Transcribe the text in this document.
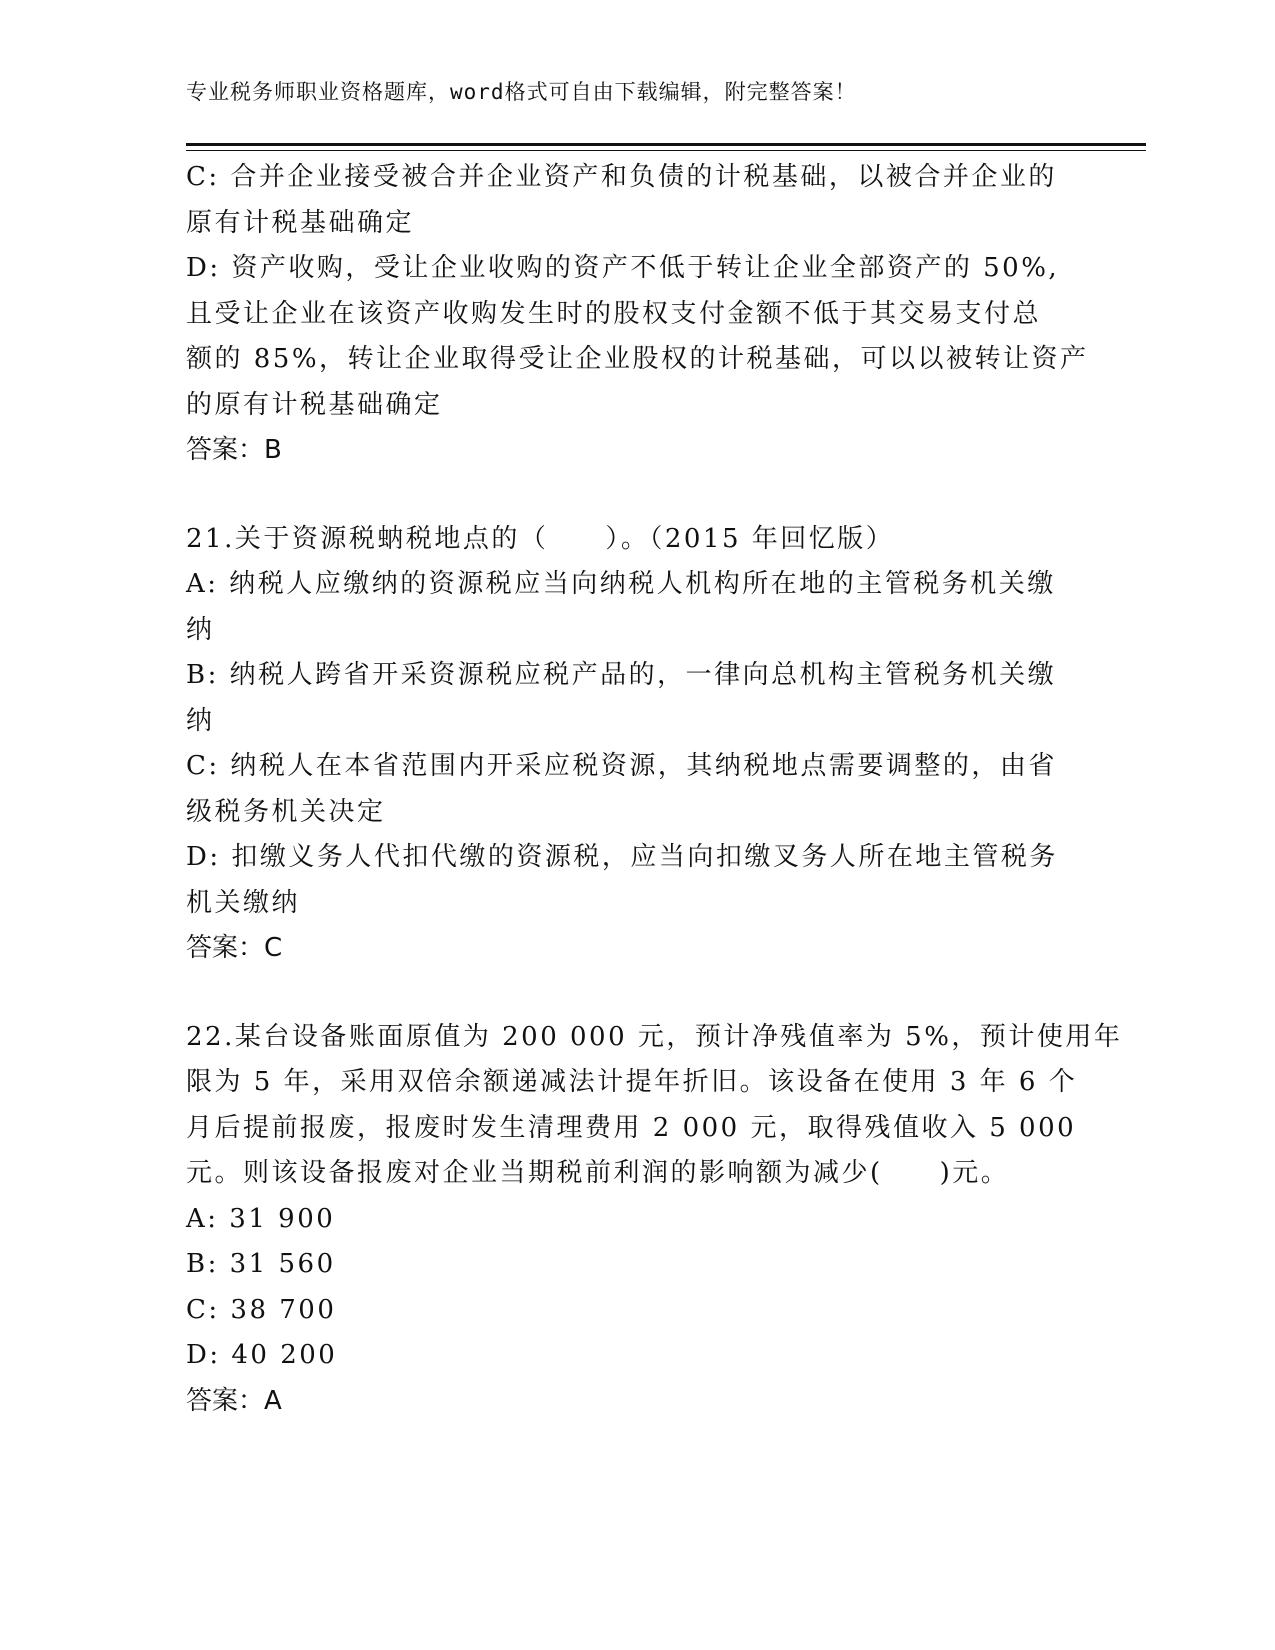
专业税务师职业资格题库，word格式可自由下载编辑，附完整答案！
C: 合并企业接受被合并企业资产和负债的计税基础，以被合并企业的
原有计税基础确定
D: 资产收购，受让企业收购的资产不低于转让企业全部资产的 50%,
且受让企业在该资产收购发生时的股权支付金额不低于其交易支付总
额的 85%，转让企业取得受让企业股权的计税基础，可以以被转让资产
的原有计税基础确定
答案：B
21.关于资源税蚋税地点的（　　）。（2015 年回忆版）
A: 纳税人应缴纳的资源税应当向纳税人机构所在地的主管税务机关缴
纳
B: 纳税人跨省开采资源税应税产品的，一律向总机构主管税务机关缴
纳
C: 纳税人在本省范围内开采应税资源，其纳税地点需要调整的，由省
级税务机关决定
D: 扣缴义务人代扣代缴的资源税，应当向扣缴叉务人所在地主管税务
机关缴纳
答案：C
22.某台设备账面原值为 200 000 元，预计净残值率为 5%，预计使用年
限为 5 年，采用双倍余额递减法计提年折旧。该设备在使用 3 年 6 个
月后提前报废，报废时发生清理费用 2 000 元，取得残值收入 5 000
元。则该设备报废对企业当期税前利润的影响额为减少(　　)元。
A: 31 900
B: 31 560
C: 38 700
D: 40 200
答案：A
